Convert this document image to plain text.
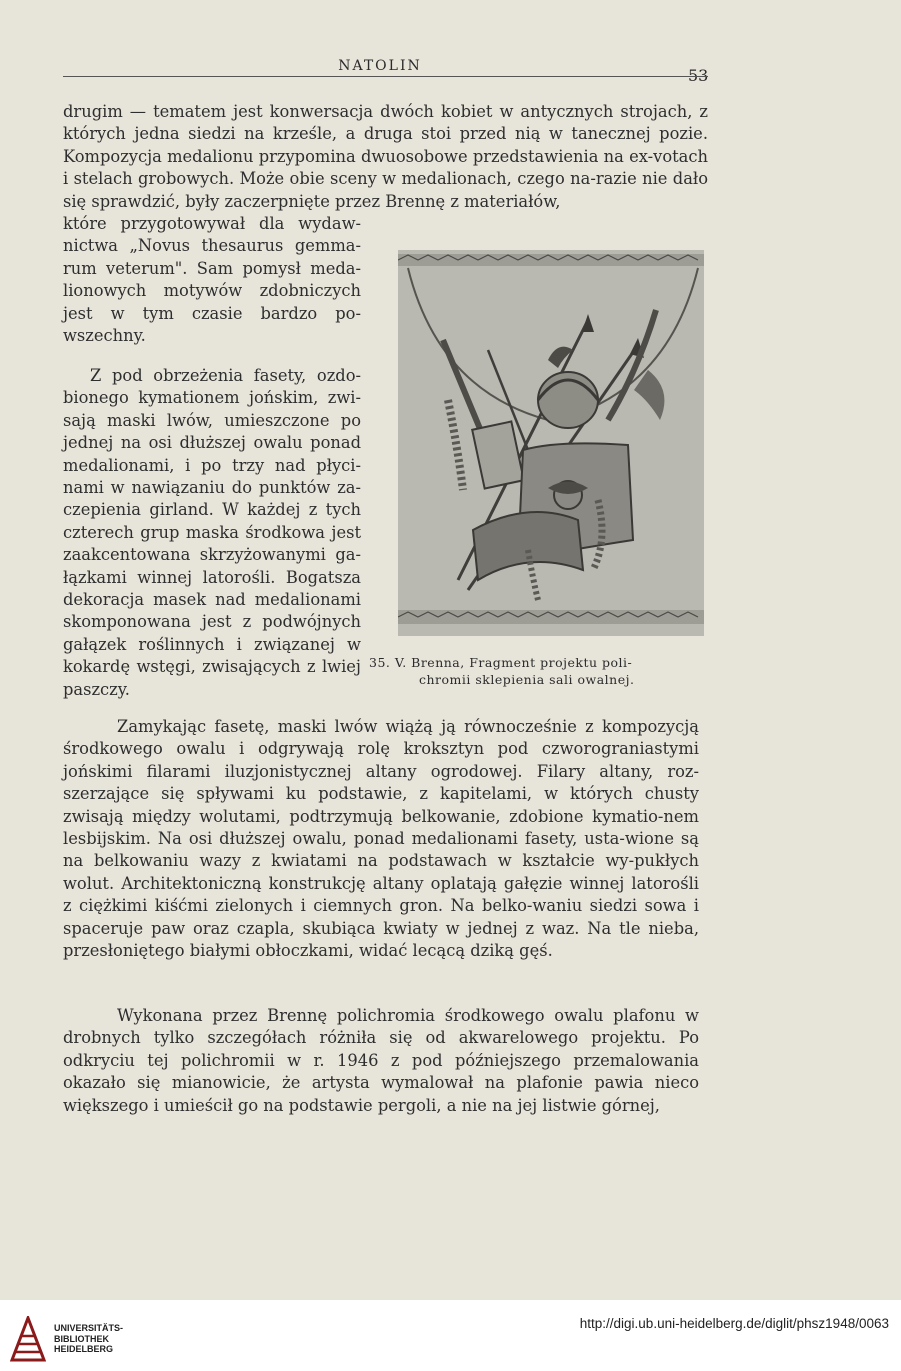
NATOLIN	53

drugim — tematem jest konwersacja dwóch kobiet w antycznych strojach, z których jedna siedzi na krześle, a druga stoi przed nią w tanecznej pozie. Kompozycja medalionu przypomina dwuosobowe przedstawienia na ex-votach i stelach grobowych. Może obie sceny w medalionach, czego na-razie nie dało się sprawdzić, były zaczerpnięte przez Brennę z materiałów,

które przygotowywał dla wydaw-nictwa „Novus thesaurus gemma-rum veterum". Sam pomysł meda-lionowych motywów zdobniczych jest w tym czasie bardzo po-wszechny.

Z pod obrzeżenia fasety, ozdo-bionego kymationem jońskim, zwi-sają maski lwów, umieszczone po jednej na osi dłuższej owalu ponad medalionami, i po trzy nad płyci-nami w nawiązaniu do punktów za-czepienia girland. W każdej z tych czterech grup maska środkowa jest zaakcentowana skrzyżowanymi ga-łązkami winnej latorośli. Bogatsza dekoracja masek nad medalionami skomponowana jest z podwójnych gałązek roślinnych i związanej w kokardę wstęgi, zwisających z lwiej paszczy.

35. V. Brenna, Fragment projektu poli-
chromii sklepienia sali owalnej.

Zamykając fasetę, maski lwów wiążą ją równocześnie z kompozycją środkowego owalu i odgrywają rolę kroksztyn pod czworograniastymi jońskimi filarami iluzjonistycznej altany ogrodowej. Filary altany, roz-szerzające się spływami ku podstawie, z kapitelami, w których chusty zwisają między wolutami, podtrzymują belkowanie, zdobione kymatio-nem lesbijskim. Na osi dłuższej owalu, ponad medalionami fasety, usta-wione są na belkowaniu wazy z kwiatami na podstawach w kształcie wy-pukłych wolut. Architektoniczną konstrukcję altany oplatają gałęzie winnej latorośli z ciężkimi kiśćmi zielonych i ciemnych gron. Na belko-waniu siedzi sowa i spaceruje paw oraz czapla, skubiąca kwiaty w jednej z waz. Na tle nieba, przesłoniętego białymi obłoczkami, widać lecącą dziką gęś.

Wykonana przez Brennę polichromia środkowego owalu plafonu w drobnych tylko szczegółach różniła się od akwarelowego projektu. Po odkryciu tej polichromii w r. 1946 z pod późniejszego przemalowania okazało się mianowicie, że artysta wymalował na plafonie pawia nieco większego i umieścił go na podstawie pergoli, a nie na jej listwie górnej,

UNIVERSITÄTS-
BIBLIOTHEK
HEIDELBERG
http://digi.ub.uni-heidelberg.de/diglit/phsz1948/0063
